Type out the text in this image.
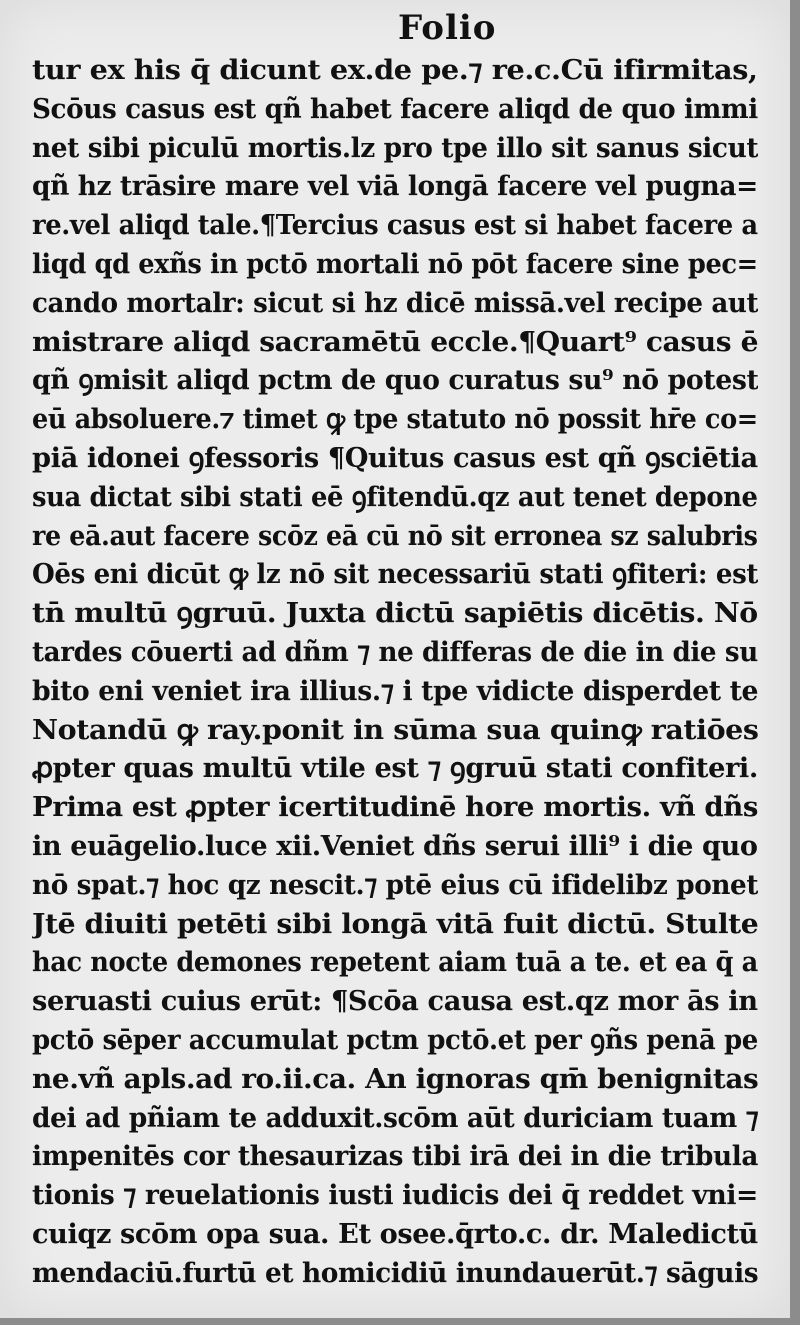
Folio
tur ex his q̄ dicunt ex.de pe.⁊ re.c.Cū ifirmitas,
Scōus casus est qñ habet facere aliqd de quo immi
net sibi piculū mortis.lz pro tpe illo sit sanus sicut
qñ hz trāsire mare vel viā longā facere vel pugna=
re.vel aliqd tale.¶Tercius casus est si habet facere a
liqd qd exñs in pctō mortali nō pōt facere sine pec=
cando mortalr: sicut si hz dicē missā.vel recipe aut
mistrare aliqd sacramētū eccle.¶Quart⁹ casus ē
qñ ꝯmisit aliqd pctm de quo curatus su⁹ nō potest
eū absoluere.⁊ timet ꝙ tpe statuto nō possit hr̄e co=
piā idonei ꝯfessoris ¶Quitus casus est qñ ꝯsciētia
sua dictat sibi stati eē ꝯfitendū.qz aut tenet depone
re eā.aut facere scōz eā cū nō sit erronea sz salubris
Oēs eni dicūt ꝙ lz nō sit necessariū stati ꝯfiteri: est
tn̄ multū ꝯgruū. Juxta dictū sapiētis dicētis. Nō
tardes cōuerti ad dñm ⁊ ne differas de die in die su
bito eni veniet ira illius.⁊ i tpe vidicte disperdet te
Notandū ꝙ ray.ponit in sūma sua quinꝙ ratiōes
ꝓpter quas multū vtile est ⁊ ꝯgruū stati confiteri.
Prima est ꝓpter icertitudinē hore mortis. vñ dñs
in euāgelio.luce xii.Veniet dñs serui illi⁹ i die quo
nō spat.⁊ hoc qz nescit.⁊ ptē eius cū ifidelibz ponet
Jtē diuiti petēti sibi longā vitā fuit dictū. Stulte
hac nocte demones repetent aiam tuā a te. et ea q̄ a
seruasti cuius erūt: ¶Scōa causa est.qz mor ās in
pctō sēper accumulat pctm pctō.et per ꝯñs penā pe
ne.vñ apls.ad ro.ii.ca. An ignoras qm̄ benignitas
dei ad pñiam te adduxit.scōm aūt duriciam tuam ⁊
impenitēs cor thesaurizas tibi irā dei in die tribula
tionis ⁊ reuelationis iusti iudicis dei q̄ reddet vni=
cuiqz scōm opa sua. Et osee.q̄rto.c. dr. Maledictū
mendaciū.furtū et homicidiū inundauerūt.⁊ sāguis
